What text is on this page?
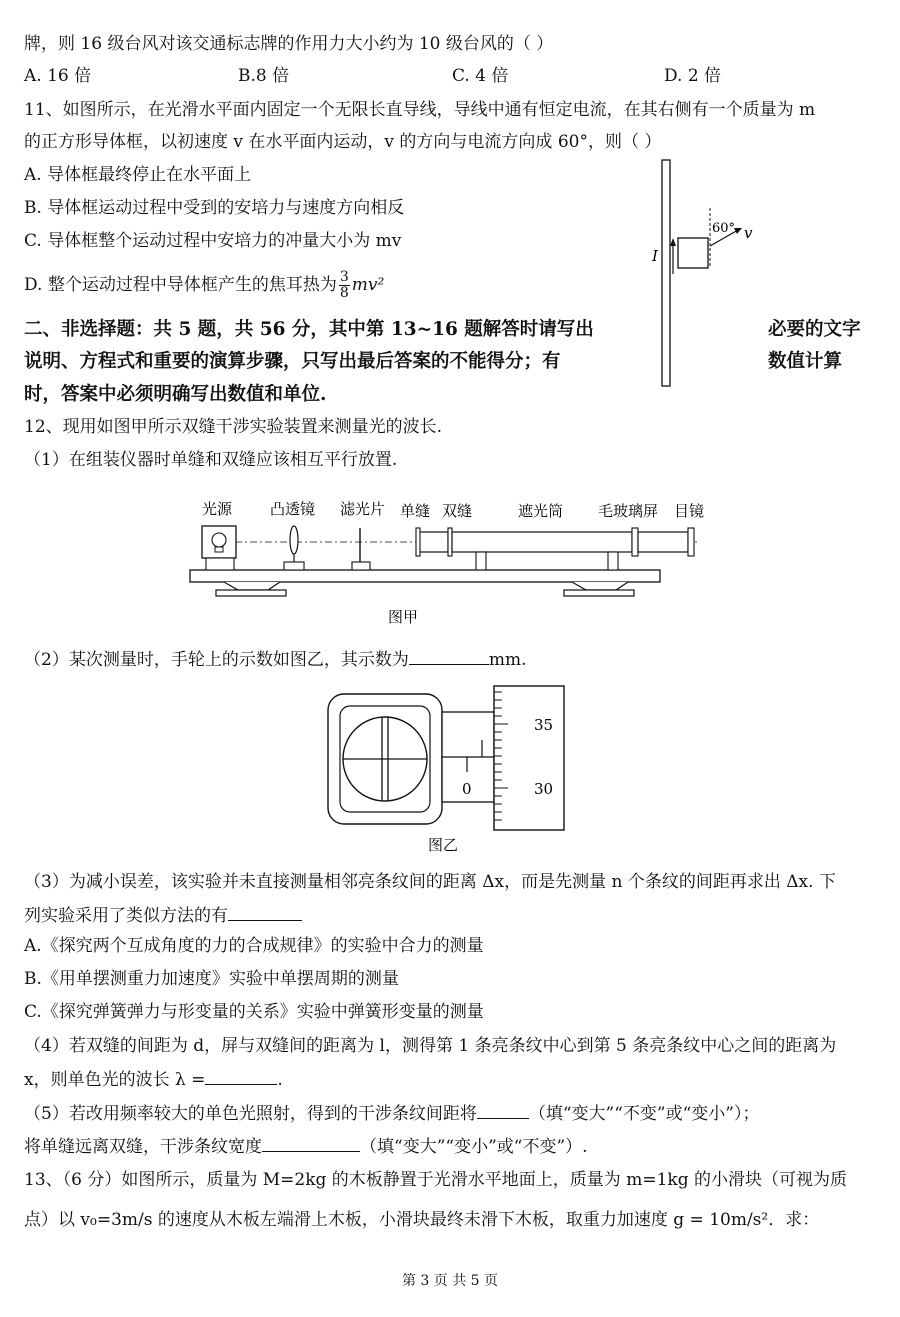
牌，则 16 级台风对该交通标志牌的作用力大小约为 10 级台风的（ ）
A. 16 倍	B.8 倍	C. 4 倍	D. 2 倍
11、如图所示，在光滑水平面内固定一个无限长直导线，导线中通有恒定电流，在其右侧有一个质量为 m
的正方形导体框，以初速度 v 在水平面内运动，v 的方向与电流方向成 60°，则（ ）
A. 导体框最终停止在水平面上
B. 导体框运动过程中受到的安培力与速度方向相反
C. 导体框整个运动过程中安培力的冲量大小为 mv
D. 整个运动过程中导体框产生的焦耳热为 $\frac{3}{8} mv^2$
I
60° v
二、非选择题：共 5 题，共 56 分，其中第 13~16 题解答时请写出	必要的文字
说明、方程式和重要的演算步骤，只写出最后答案的不能得分；有	数值计算
时，答案中必须明确写出数值和单位.
12、现用如图甲所示双缝干涉实验装置来测量光的波长.
（1）在组装仪器时单缝和双缝应该相互平行放置.
光源	凸透镜 滤光片 单缝 双缝	遮光筒 毛玻璃屏 目镜
图甲
（2）某次测量时，手轮上的示数如图乙，其示数为	mm.
0
35
30
图乙
（3）为减小误差，该实验并未直接测量相邻亮条纹间的距离 Δx，而是先测量 n 个条纹的间距再求出 Δx. 下
列实验采用了类似方法的有
A.《探究两个互成角度的力的合成规律》的实验中合力的测量
B.《用单摆测重力加速度》实验中单摆周期的测量
C.《探究弹簧弹力与形变量的关系》实验中弹簧形变量的测量
（4）若双缝的间距为 d，屏与双缝间的距离为 l，测得第 1 条亮条纹中心到第 5 条亮条纹中心之间的距离为
x，则单色光的波长 λ =	.
（5）若改用频率较大的单色光照射，得到的干涉条纹间距将	（填“变大”“不变”或“变小”）；
将单缝远离双缝，干涉条纹宽度	（填“变大”“变小”或“不变”）.
13、（6 分）如图所示，质量为 M=2kg 的木板静置于光滑水平地面上，质量为 m=1kg 的小滑块（可视为质
点）以 v₀=3m/s 的速度从木板左端滑上木板，小滑块最终未滑下木板，取重力加速度 g = 10m/s²．求：
第 3 页 共 5 页
